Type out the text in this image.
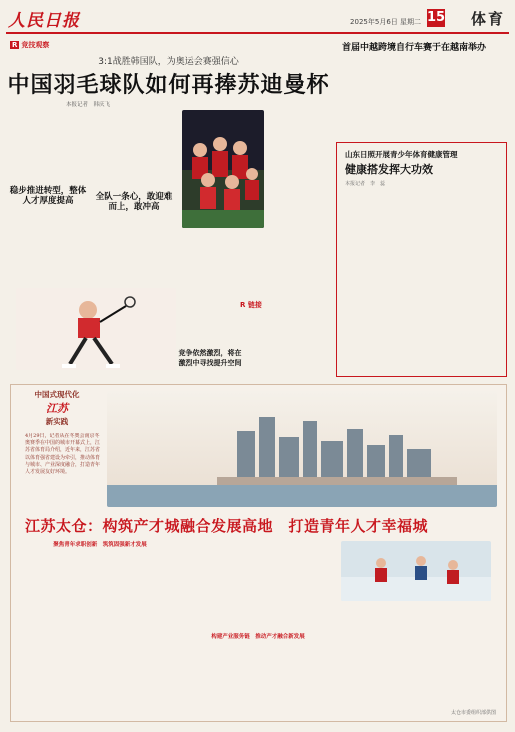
人民日报	2025年5月6日 星期二 15 体育
R 竞技观察
3:1战胜韩国队，为奥运会赛强信心
中国羽毛球队如何再捧苏迪曼杯
本报记者　韩庆飞
稳步推进转型，整体人才厚度提高	全队一条心，敢迎难而上，敢冲高
竞争依然激烈，将在激烈中寻找提升空间
首届中越跨境自行车赛于在越南举办
山东日照开展青少年体育健康管理
健康搭发挥大功效
本报记者　李　蕊
R 链接
中国式现代化
江苏
新实践
4月29日，记者从在冬奥会南京冬奥赛季在中国的城市开幕式上，江苏省体育局介绍，近年来，江苏省以体育强省建设为牵引，推动体育与城市、产业深度融合，打造青年人才发展友好环境。
江苏太仓：构筑产才城融合发展高地　打造青年人才幸福城
聚焦青年求职创新　筑筑固强新才发展
构建产业服务链　推动产才融合新发展
太仓市委组织部供图
